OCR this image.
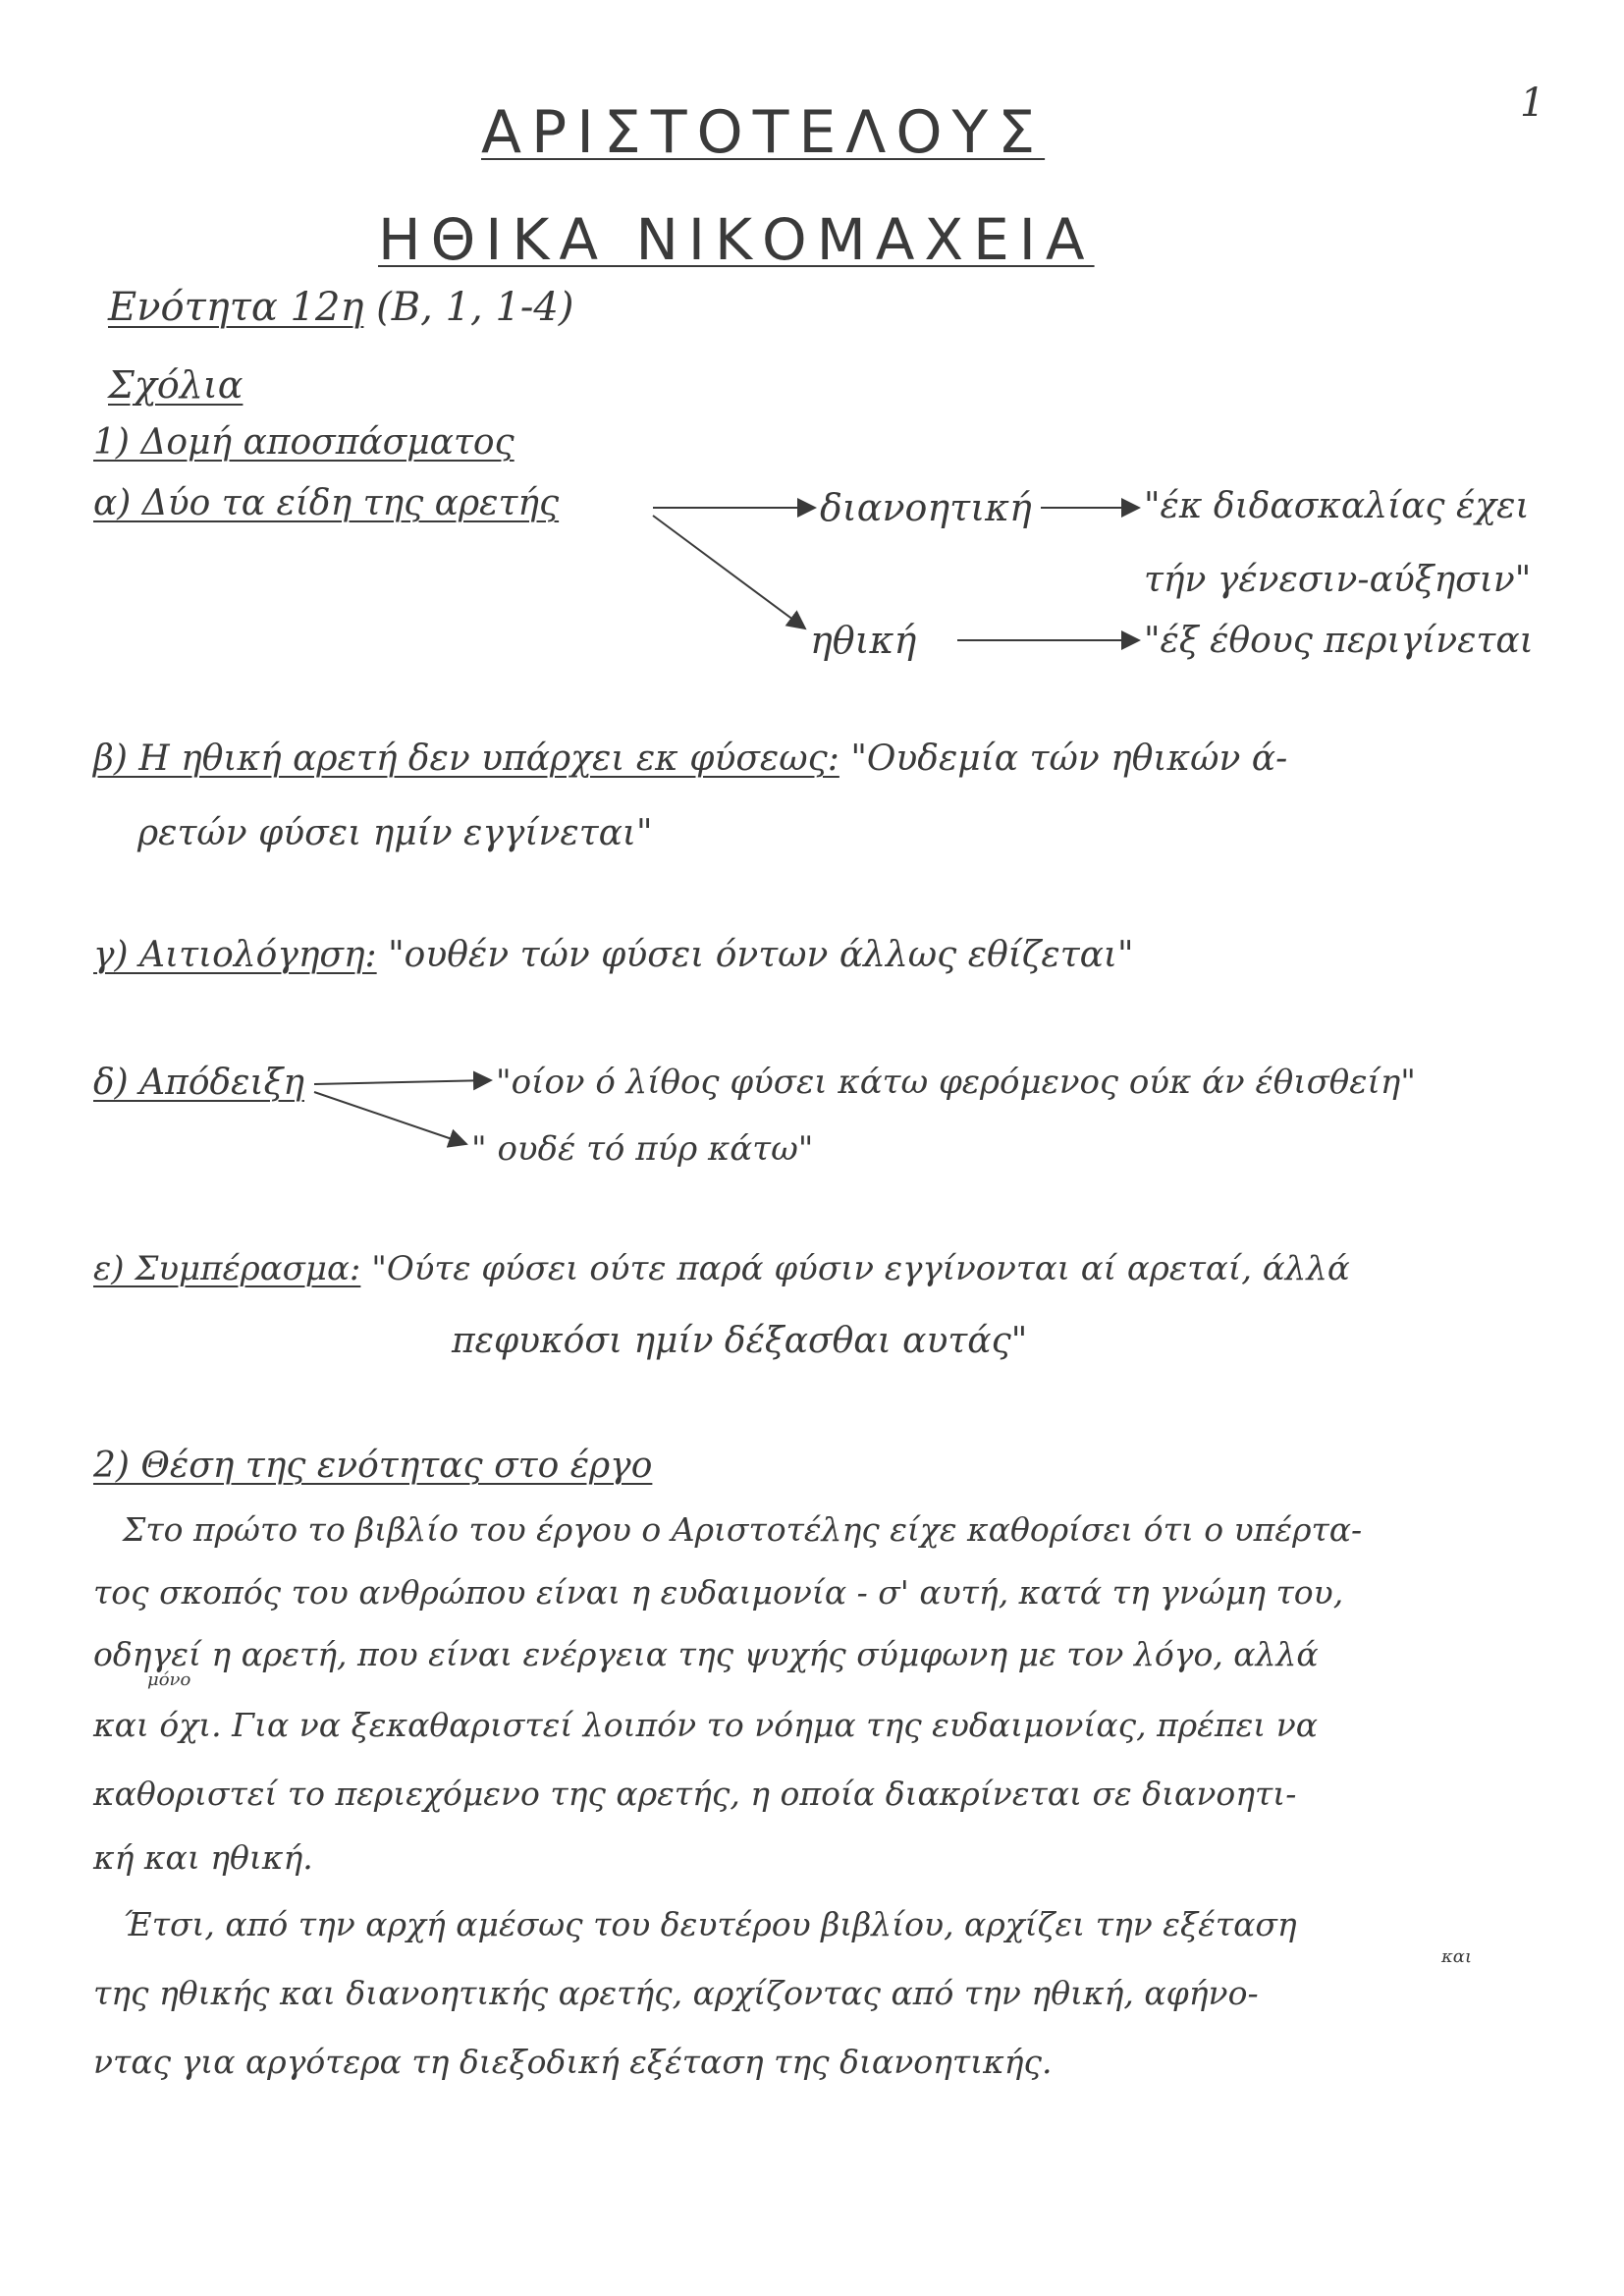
1
ΑΡΙΣΤΟΤΕΛΟΥΣ
ΗΘΙΚΑ ΝΙΚΟΜΑΧΕΙΑ
Ενότητα 12η (Β, 1, 1-4)
Σχόλια
1) Δομή αποσπάσματος
α) Δύο τα είδη της αρετής	διανοητική	"έκ διδασκαλίας έχει
τήν γένεσιν-αύξησιν"
ηθική	"έξ έθους περιγίνεται
β) Η ηθική αρετή δεν υπάρχει εκ φύσεως: "Ουδεμία τών ηθικών ά-
ρετών φύσει ημίν εγγίνεται"
γ) Αιτιολόγηση: "ουθέν τών φύσει όντων άλλως εθίζεται"
δ) Απόδειξη	"οίον ό λίθος φύσει κάτω φερόμενος ούκ άν έθισθείη"
" ουδέ τό πύρ κάτω"
ε) Συμπέρασμα: "Ούτε φύσει ούτε παρά φύσιν εγγίνονται αί αρεταί, άλλά
πεφυκόσι ημίν δέξασθαι αυτάς"
2) Θέση της ενότητας στο έργο
Στο πρώτο το βιβλίο του έργου ο Αριστοτέλης είχε καθορίσει ότι ο υπέρτα-
τος σκοπός του ανθρώπου είναι η ευδαιμονία - σ' αυτή, κατά τη γνώμη του,
μόνο
οδηγεί η αρετή, που είναι ενέργεια της ψυχής σύμφωνη με τον λόγο, αλλά
και όχι. Για να ξεκαθαριστεί λοιπόν το νόημα της ευδαιμονίας, πρέπει να
καθοριστεί το περιεχόμενο της αρετής, η οποία διακρίνεται σε διανοητι-
κή και ηθική.
Έτσι, από την αρχή αμέσως του δευτέρου βιβλίου, αρχίζει την εξέταση
και
της ηθικής και διανοητικής αρετής, αρχίζοντας από την ηθική, αφήνο-
ντας για αργότερα τη διεξοδική εξέταση της διανοητικής.
